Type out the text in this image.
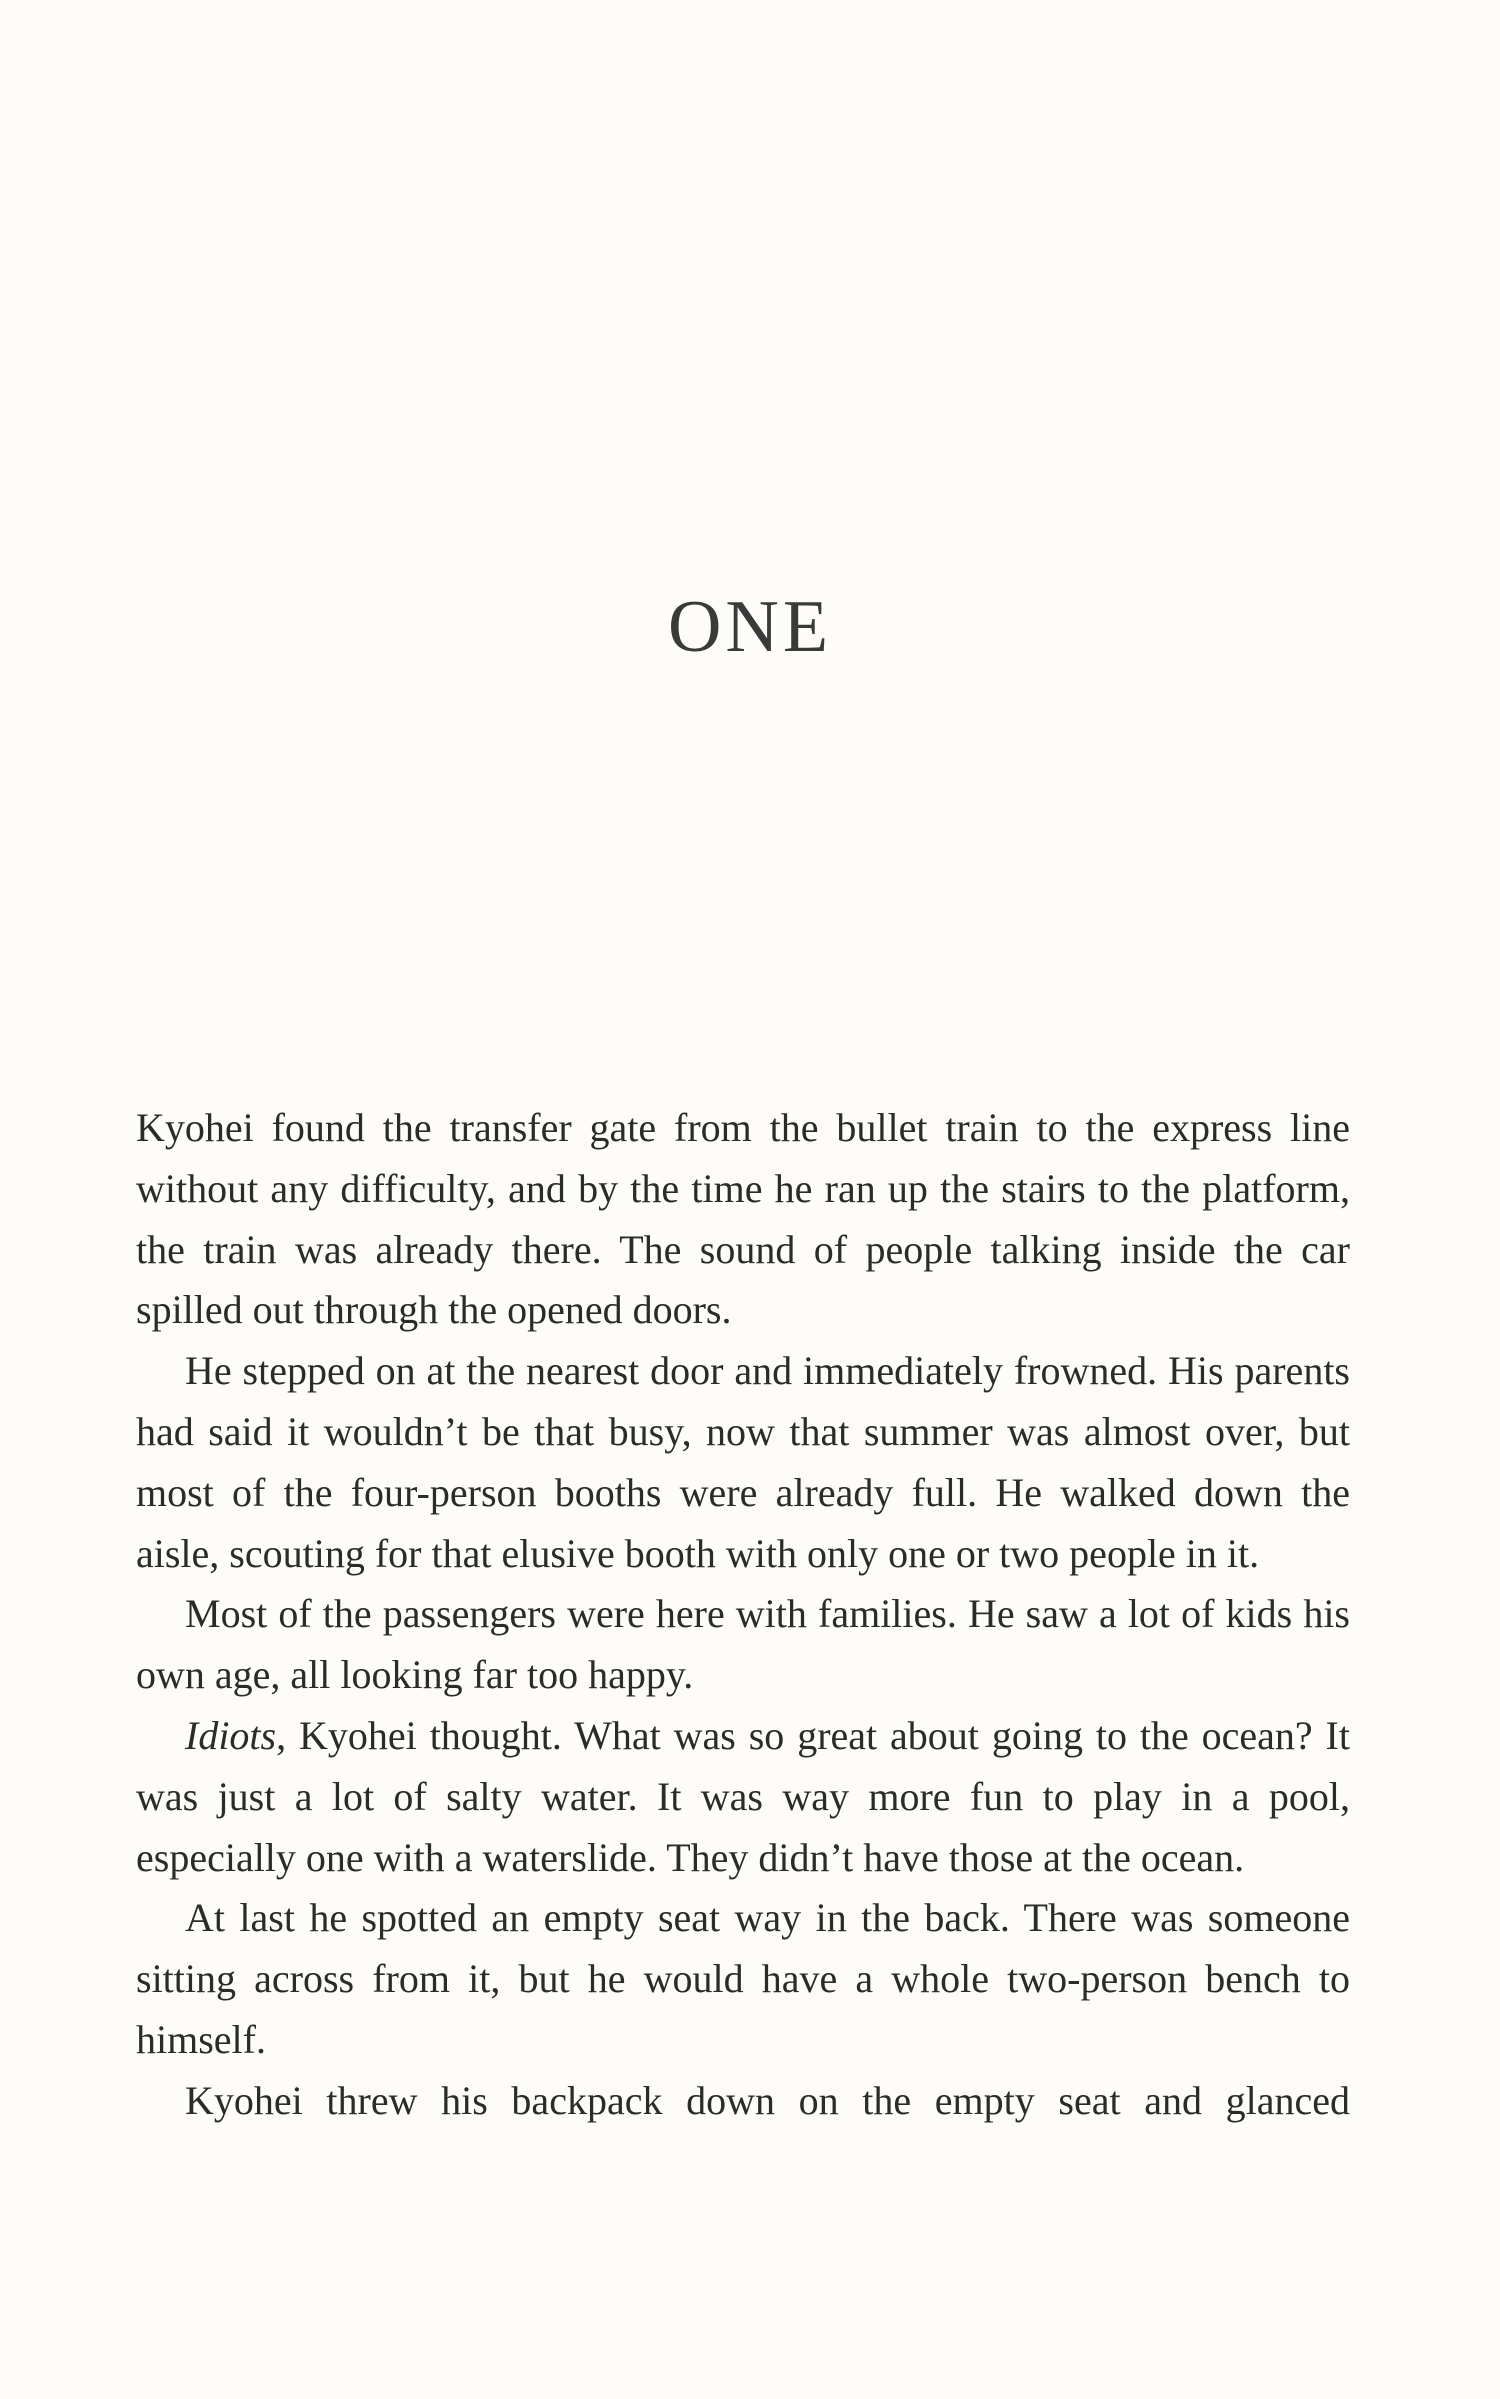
ONE

Kyohei found the transfer gate from the bullet train to the express line without any difficulty, and by the time he ran up the stairs to the platform, the train was already there. The sound of people talking inside the car spilled out through the opened doors.

He stepped on at the nearest door and immediately frowned. His parents had said it wouldn’t be that busy, now that summer was almost over, but most of the four-person booths were already full. He walked down the aisle, scouting for that elusive booth with only one or two people in it.

Most of the passengers were here with families. He saw a lot of kids his own age, all looking far too happy.

Idiots, Kyohei thought. What was so great about going to the ocean? It was just a lot of salty water. It was way more fun to play in a pool, especially one with a waterslide. They didn’t have those at the ocean.

At last he spotted an empty seat way in the back. There was someone sitting across from it, but he would have a whole two-person bench to himself.

Kyohei threw his backpack down on the empty seat and glanced
